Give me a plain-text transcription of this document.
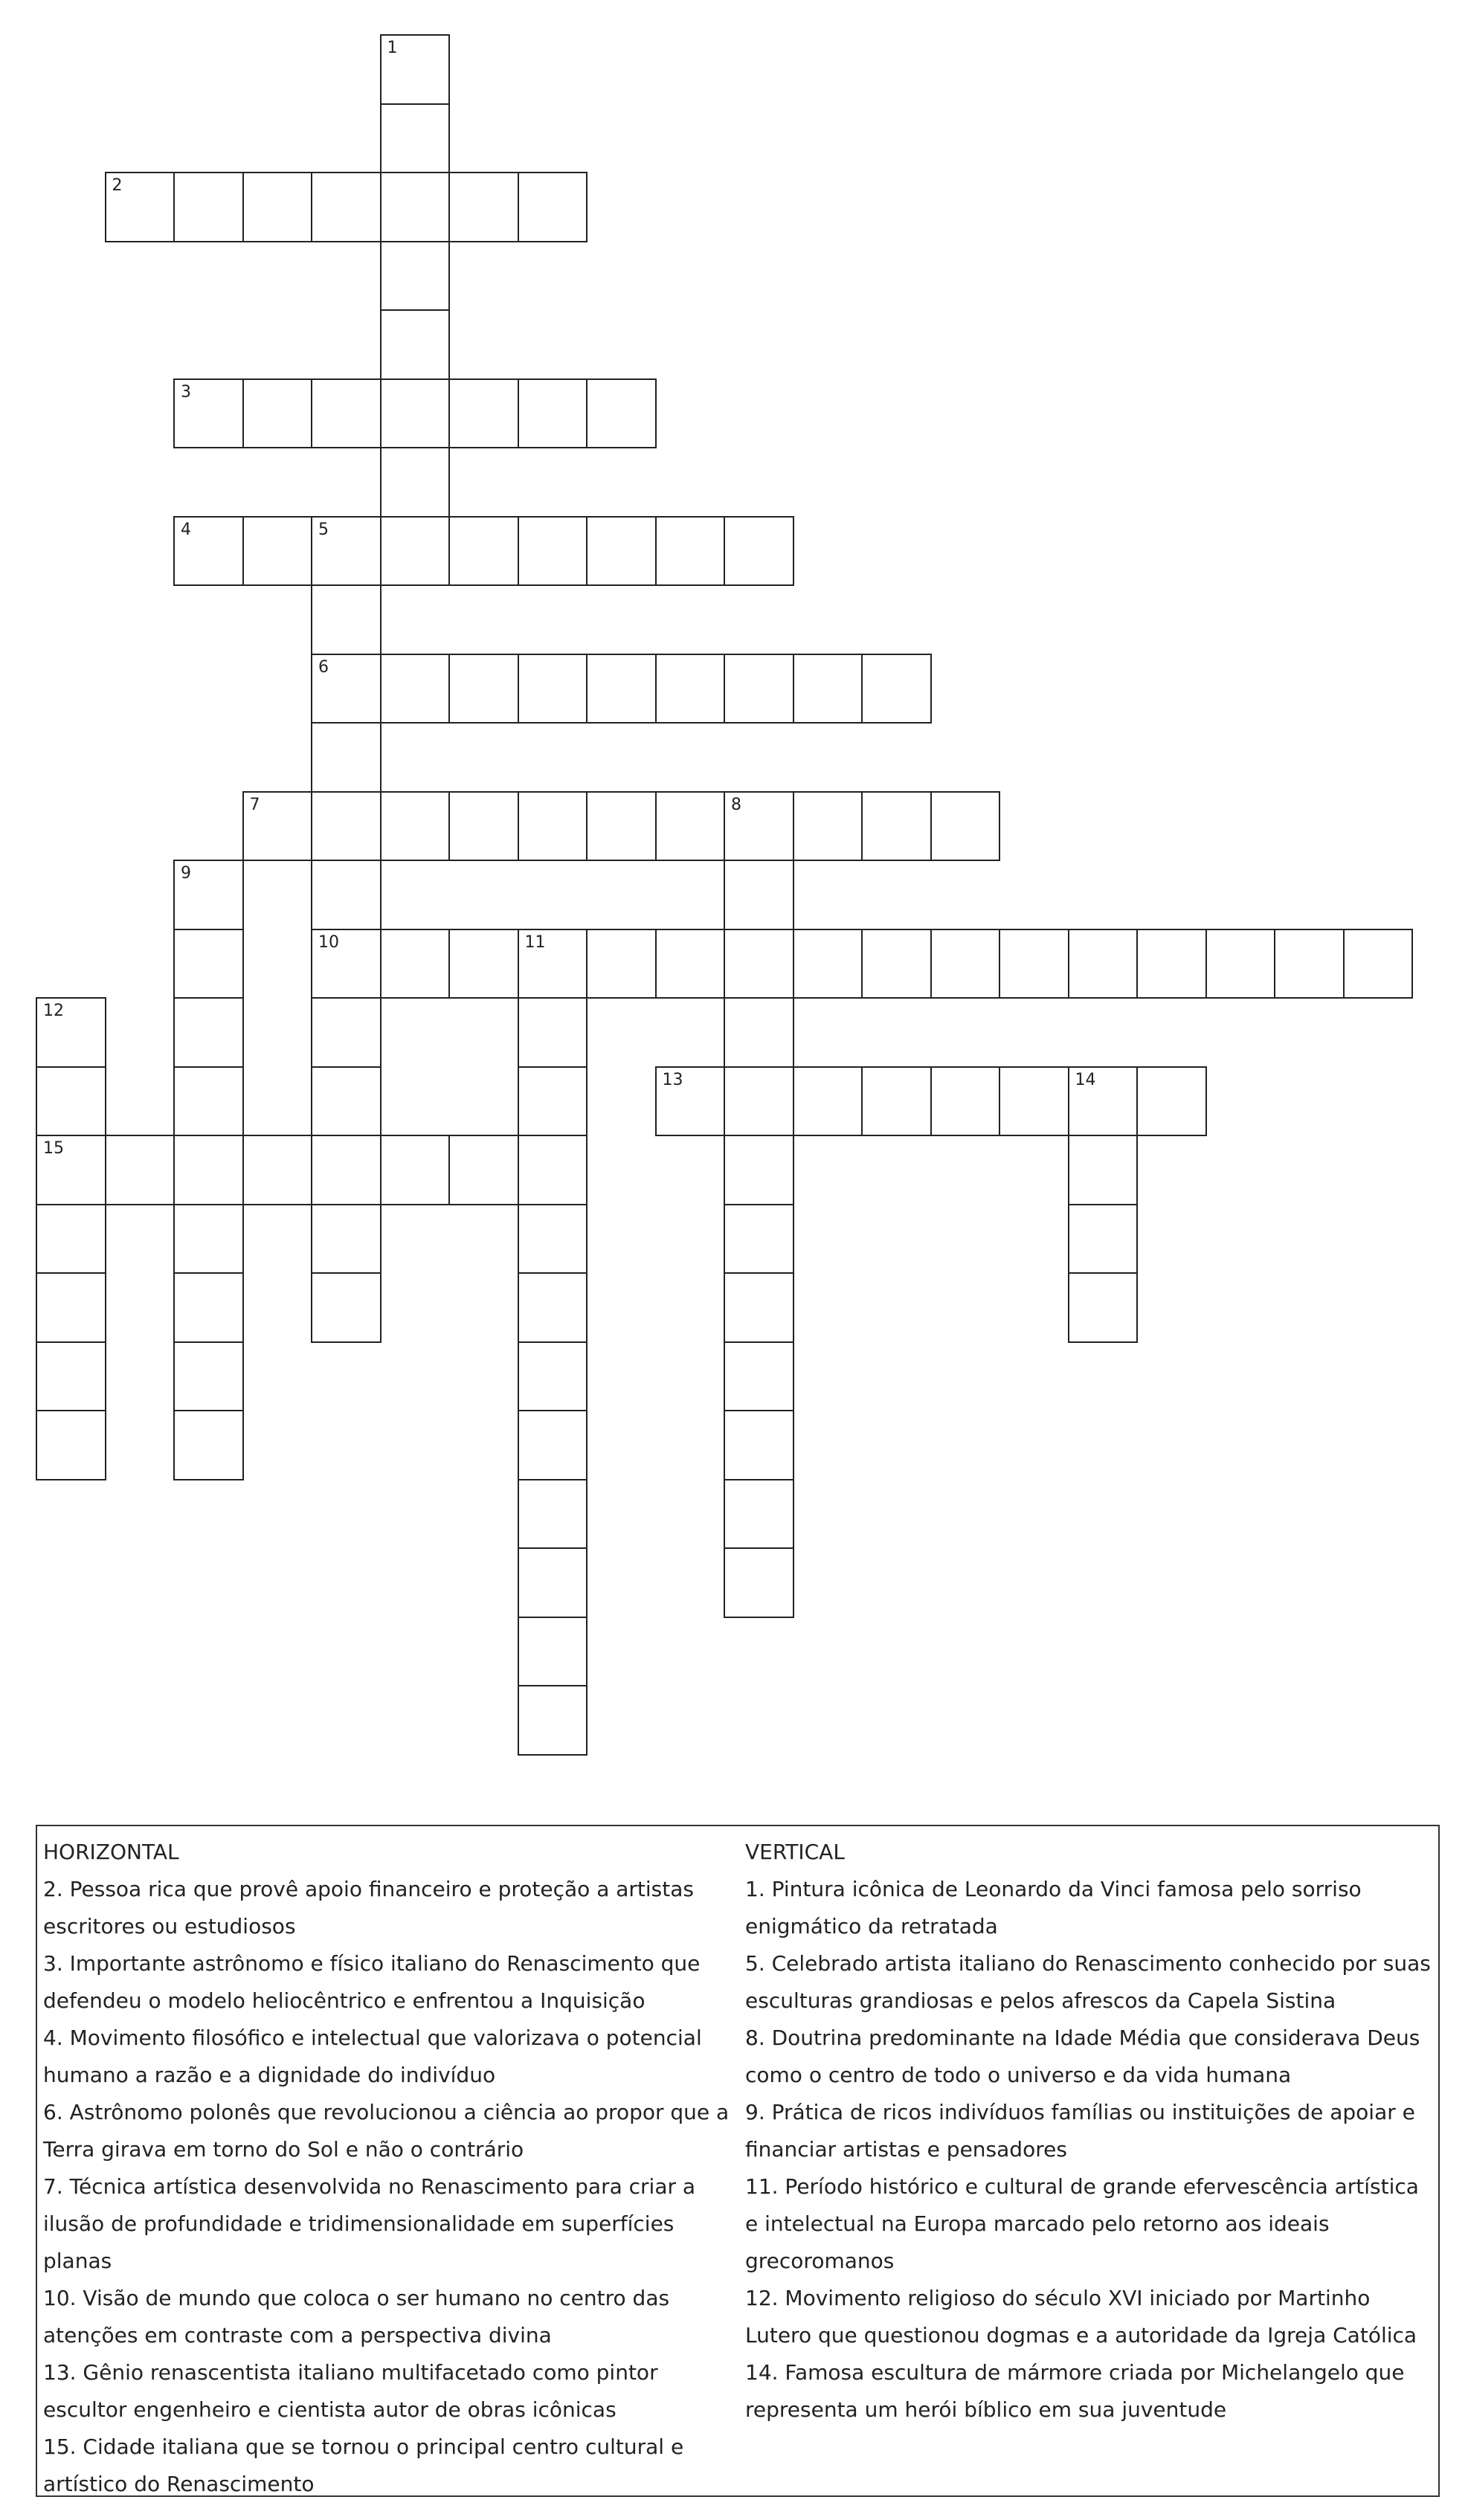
1
2
3
4	5
6
7	8
9
10	11
12
13	14
15
HORIZONTAL

2. Pessoa rica que provê apoio financeiro e proteção a artistas escritores ou estudiosos

3. Importante astrônomo e físico italiano do Renascimento que defendeu o modelo heliocêntrico e enfrentou a Inquisição

4. Movimento filosófico e intelectual que valorizava o potencial humano a razão e a dignidade do indivíduo

6. Astrônomo polonês que revolucionou a ciência ao propor que a Terra girava em torno do Sol e não o contrário

7. Técnica artística desenvolvida no Renascimento para criar a ilusão de profundidade e tridimensionalidade em superfícies planas

10. Visão de mundo que coloca o ser humano no centro das atenções em contraste com a perspectiva divina

13. Gênio renascentista italiano multifacetado como pintor escultor engenheiro e cientista autor de obras icônicas

15. Cidade italiana que se tornou o principal centro cultural e artístico do Renascimento

VERTICAL

1. Pintura icônica de Leonardo da Vinci famosa pelo sorriso enigmático da retratada

5. Celebrado artista italiano do Renascimento conhecido por suas esculturas grandiosas e pelos afrescos da Capela Sistina

8. Doutrina predominante na Idade Média que considerava Deus como o centro de todo o universo e da vida humana

9. Prática de ricos indivíduos famílias ou instituições de apoiar e financiar artistas e pensadores

11. Período histórico e cultural de grande efervescência artística e intelectual na Europa marcado pelo retorno aos ideais grecoromanos

12. Movimento religioso do século XVI iniciado por Martinho Lutero que questionou dogmas e a autoridade da Igreja Católica

14. Famosa escultura de mármore criada por Michelangelo que representa um herói bíblico em sua juventude
